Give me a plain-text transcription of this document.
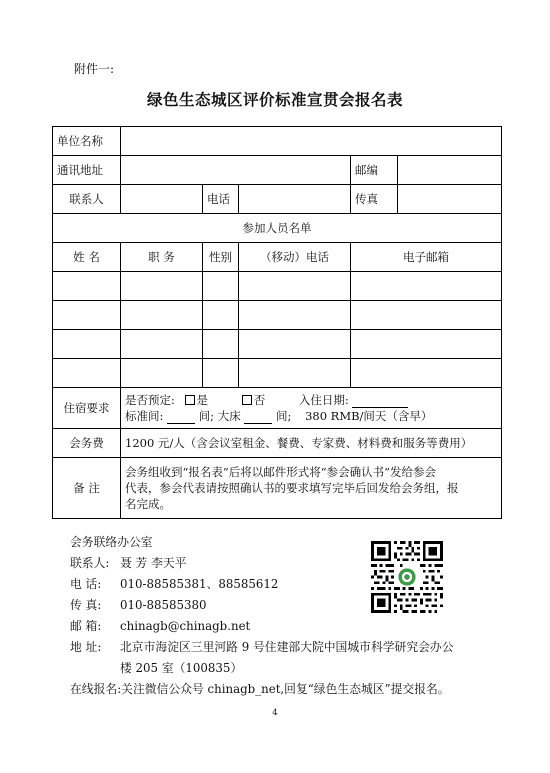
附件一:
绿色生态城区评价标准宣贯会报名表
单位名称					
通讯地址				邮编	
联系人		电话		传真	
参加人员名单					
姓 名	职 务	性别	（移动）电话	电子邮箱	

住宿要求	是否预定: 是 否 入住日期:
标准间: 间; 大床 间; 380 RMB/间天（含早）				

会务费	1200 元/人（含会议室租金、餐费、专家费、材料费和服务等费用）				
备 注	会务组收到“报名表”后将以邮件形式将“参会确认书”发给参会
代表，参会代表请按照确认书的要求填写完毕后回发给会务组，报
名完成。				
会务联络办公室
联系人: 聂 芳 李天平
电 话:	010-88585381、88585612
传 真:	010-88585380
邮 箱:	chinagb@chinagb.net
地 址:	北京市海淀区三里河路 9 号住建部大院中国城市科学研究会办公
楼 205 室（100835）
在线报名: 关注微信公众号 chinagb_net,回复“绿色生态城区”提交报名。
4
